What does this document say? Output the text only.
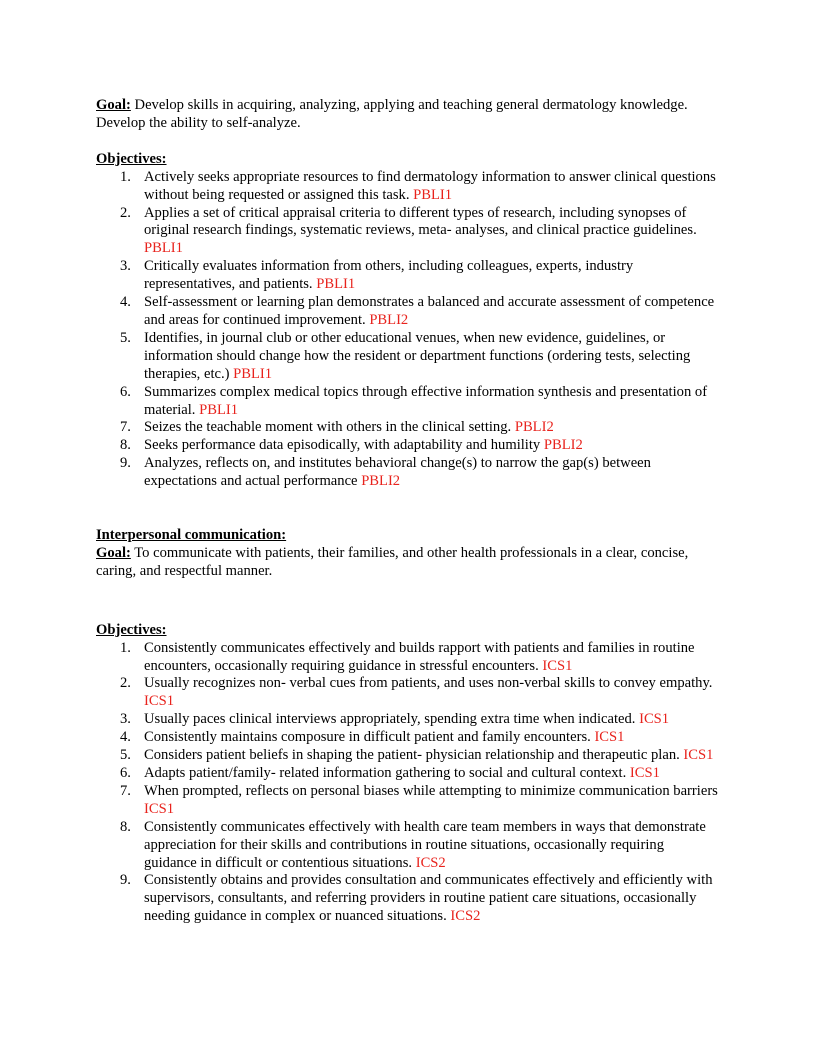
Goal: Develop skills in acquiring, analyzing, applying and teaching general dermatology knowledge. Develop the ability to self-analyze.

Objectives:
1. Actively seeks appropriate resources to find dermatology information to answer clinical questions without being requested or assigned this task. PBLI1
2. Applies a set of critical appraisal criteria to different types of research, including synopses of original research findings, systematic reviews, meta- analyses, and clinical practice guidelines. PBLI1
3. Critically evaluates information from others, including colleagues, experts, industry representatives, and patients. PBLI1
4. Self-assessment or learning plan demonstrates a balanced and accurate assessment of competence and areas for continued improvement. PBLI2
5. Identifies, in journal club or other educational venues, when new evidence, guidelines, or information should change how the resident or department functions (ordering tests, selecting therapies, etc.) PBLI1
6. Summarizes complex medical topics through effective information synthesis and presentation of material. PBLI1
7. Seizes the teachable moment with others in the clinical setting. PBLI2
8. Seeks performance data episodically, with adaptability and humility PBLI2
9. Analyzes, reflects on, and institutes behavioral change(s) to narrow the gap(s) between expectations and actual performance PBLI2
Interpersonal communication:

Goal: To communicate with patients, their families, and other health professionals in a clear, concise, caring, and respectful manner.

Objectives:
1. Consistently communicates effectively and builds rapport with patients and families in routine encounters, occasionally requiring guidance in stressful encounters. ICS1
2. Usually recognizes non- verbal cues from patients, and uses non-verbal skills to convey empathy. ICS1
3. Usually paces clinical interviews appropriately, spending extra time when indicated. ICS1
4. Consistently maintains composure in difficult patient and family encounters. ICS1
5. Considers patient beliefs in shaping the patient- physician relationship and therapeutic plan. ICS1
6. Adapts patient/family- related information gathering to social and cultural context. ICS1
7. When prompted, reflects on personal biases while attempting to minimize communication barriers ICS1
8. Consistently communicates effectively with health care team members in ways that demonstrate appreciation for their skills and contributions in routine situations, occasionally requiring guidance in difficult or contentious situations. ICS2
9. Consistently obtains and provides consultation and communicates effectively and efficiently with supervisors, consultants, and referring providers in routine patient care situations, occasionally needing guidance in complex or nuanced situations. ICS2
